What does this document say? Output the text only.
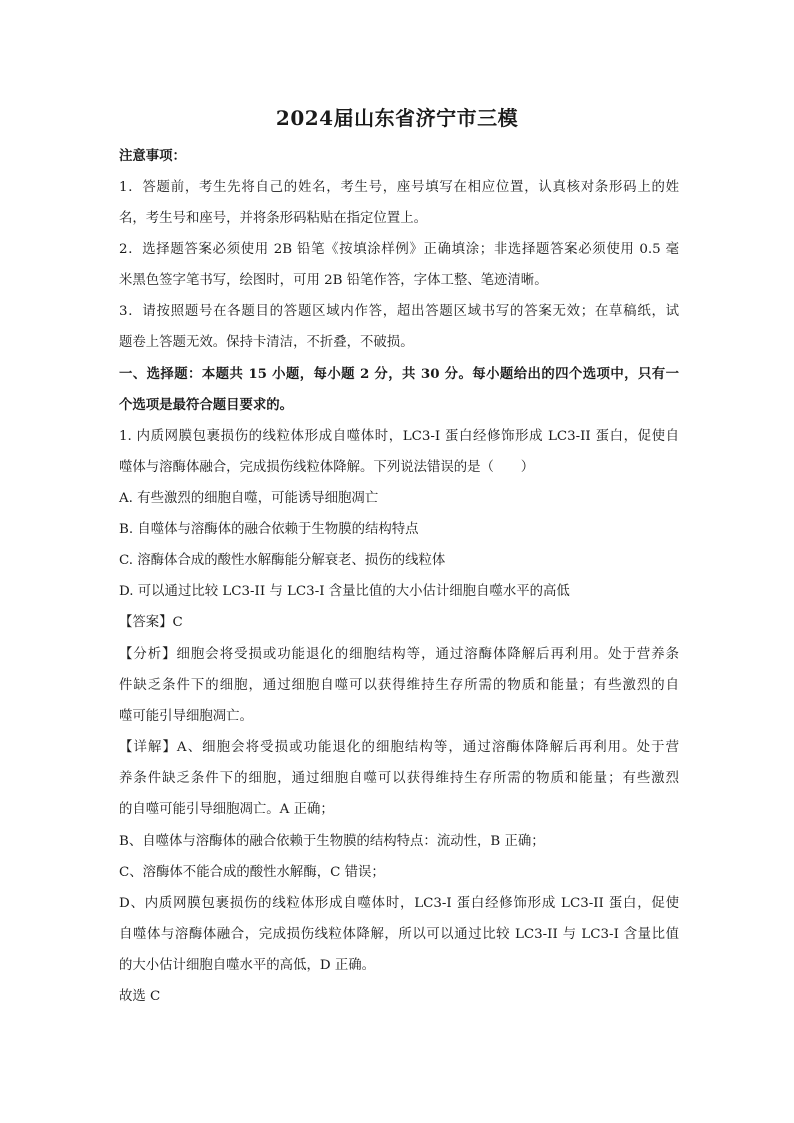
2024届山东省济宁市三模
注意事项：
1．答题前，考生先将自己的姓名，考生号，座号填写在相应位置，认真核对条形码上的姓
名，考生号和座号，并将条形码粘贴在指定位置上。
2．选择题答案必须使用 2B 铅笔《按填涂样例》正确填涂；非选择题答案必须使用 0.5 毫
米黑色签字笔书写，绘图时，可用 2B 铅笔作答，字体工整、笔迹清晰。
3．请按照题号在各题目的答题区域内作答，超出答题区域书写的答案无效；在草稿纸，试
题卷上答题无效。保持卡清洁，不折叠，不破损。
一、选择题：本题共 15 小题，每小题 2 分，共 30 分。每小题给出的四个选项中，只有一
个选项是最符合题目要求的。
1. 内质网膜包裹损伤的线粒体形成自噬体时，LC3-I 蛋白经修饰形成 LC3-II 蛋白，促使自
噬体与溶酶体融合，完成损伤线粒体降解。下列说法错误的是（　　）
A. 有些激烈的细胞自噬，可能诱导细胞凋亡
B. 自噬体与溶酶体的融合依赖于生物膜的结构特点
C. 溶酶体合成的酸性水解酶能分解衰老、损伤的线粒体
D. 可以通过比较 LC3-II 与 LC3-I 含量比值的大小估计细胞自噬水平的高低
【答案】C
【分析】细胞会将受损或功能退化的细胞结构等，通过溶酶体降解后再利用。处于营养条
件缺乏条件下的细胞，通过细胞自噬可以获得维持生存所需的物质和能量；有些激烈的自
噬可能引导细胞凋亡。
【详解】A、细胞会将受损或功能退化的细胞结构等，通过溶酶体降解后再利用。处于营
养条件缺乏条件下的细胞，通过细胞自噬可以获得维持生存所需的物质和能量；有些激烈
的自噬可能引导细胞凋亡。A 正确；
B、自噬体与溶酶体的融合依赖于生物膜的结构特点：流动性，B 正确；
C、溶酶体不能合成的酸性水解酶，C 错误；
D、内质网膜包裹损伤的线粒体形成自噬体时，LC3-I 蛋白经修饰形成 LC3-II 蛋白，促使
自噬体与溶酶体融合，完成损伤线粒体降解，所以可以通过比较 LC3-II 与 LC3-I 含量比值
的大小估计细胞自噬水平的高低，D 正确。
故选 C
